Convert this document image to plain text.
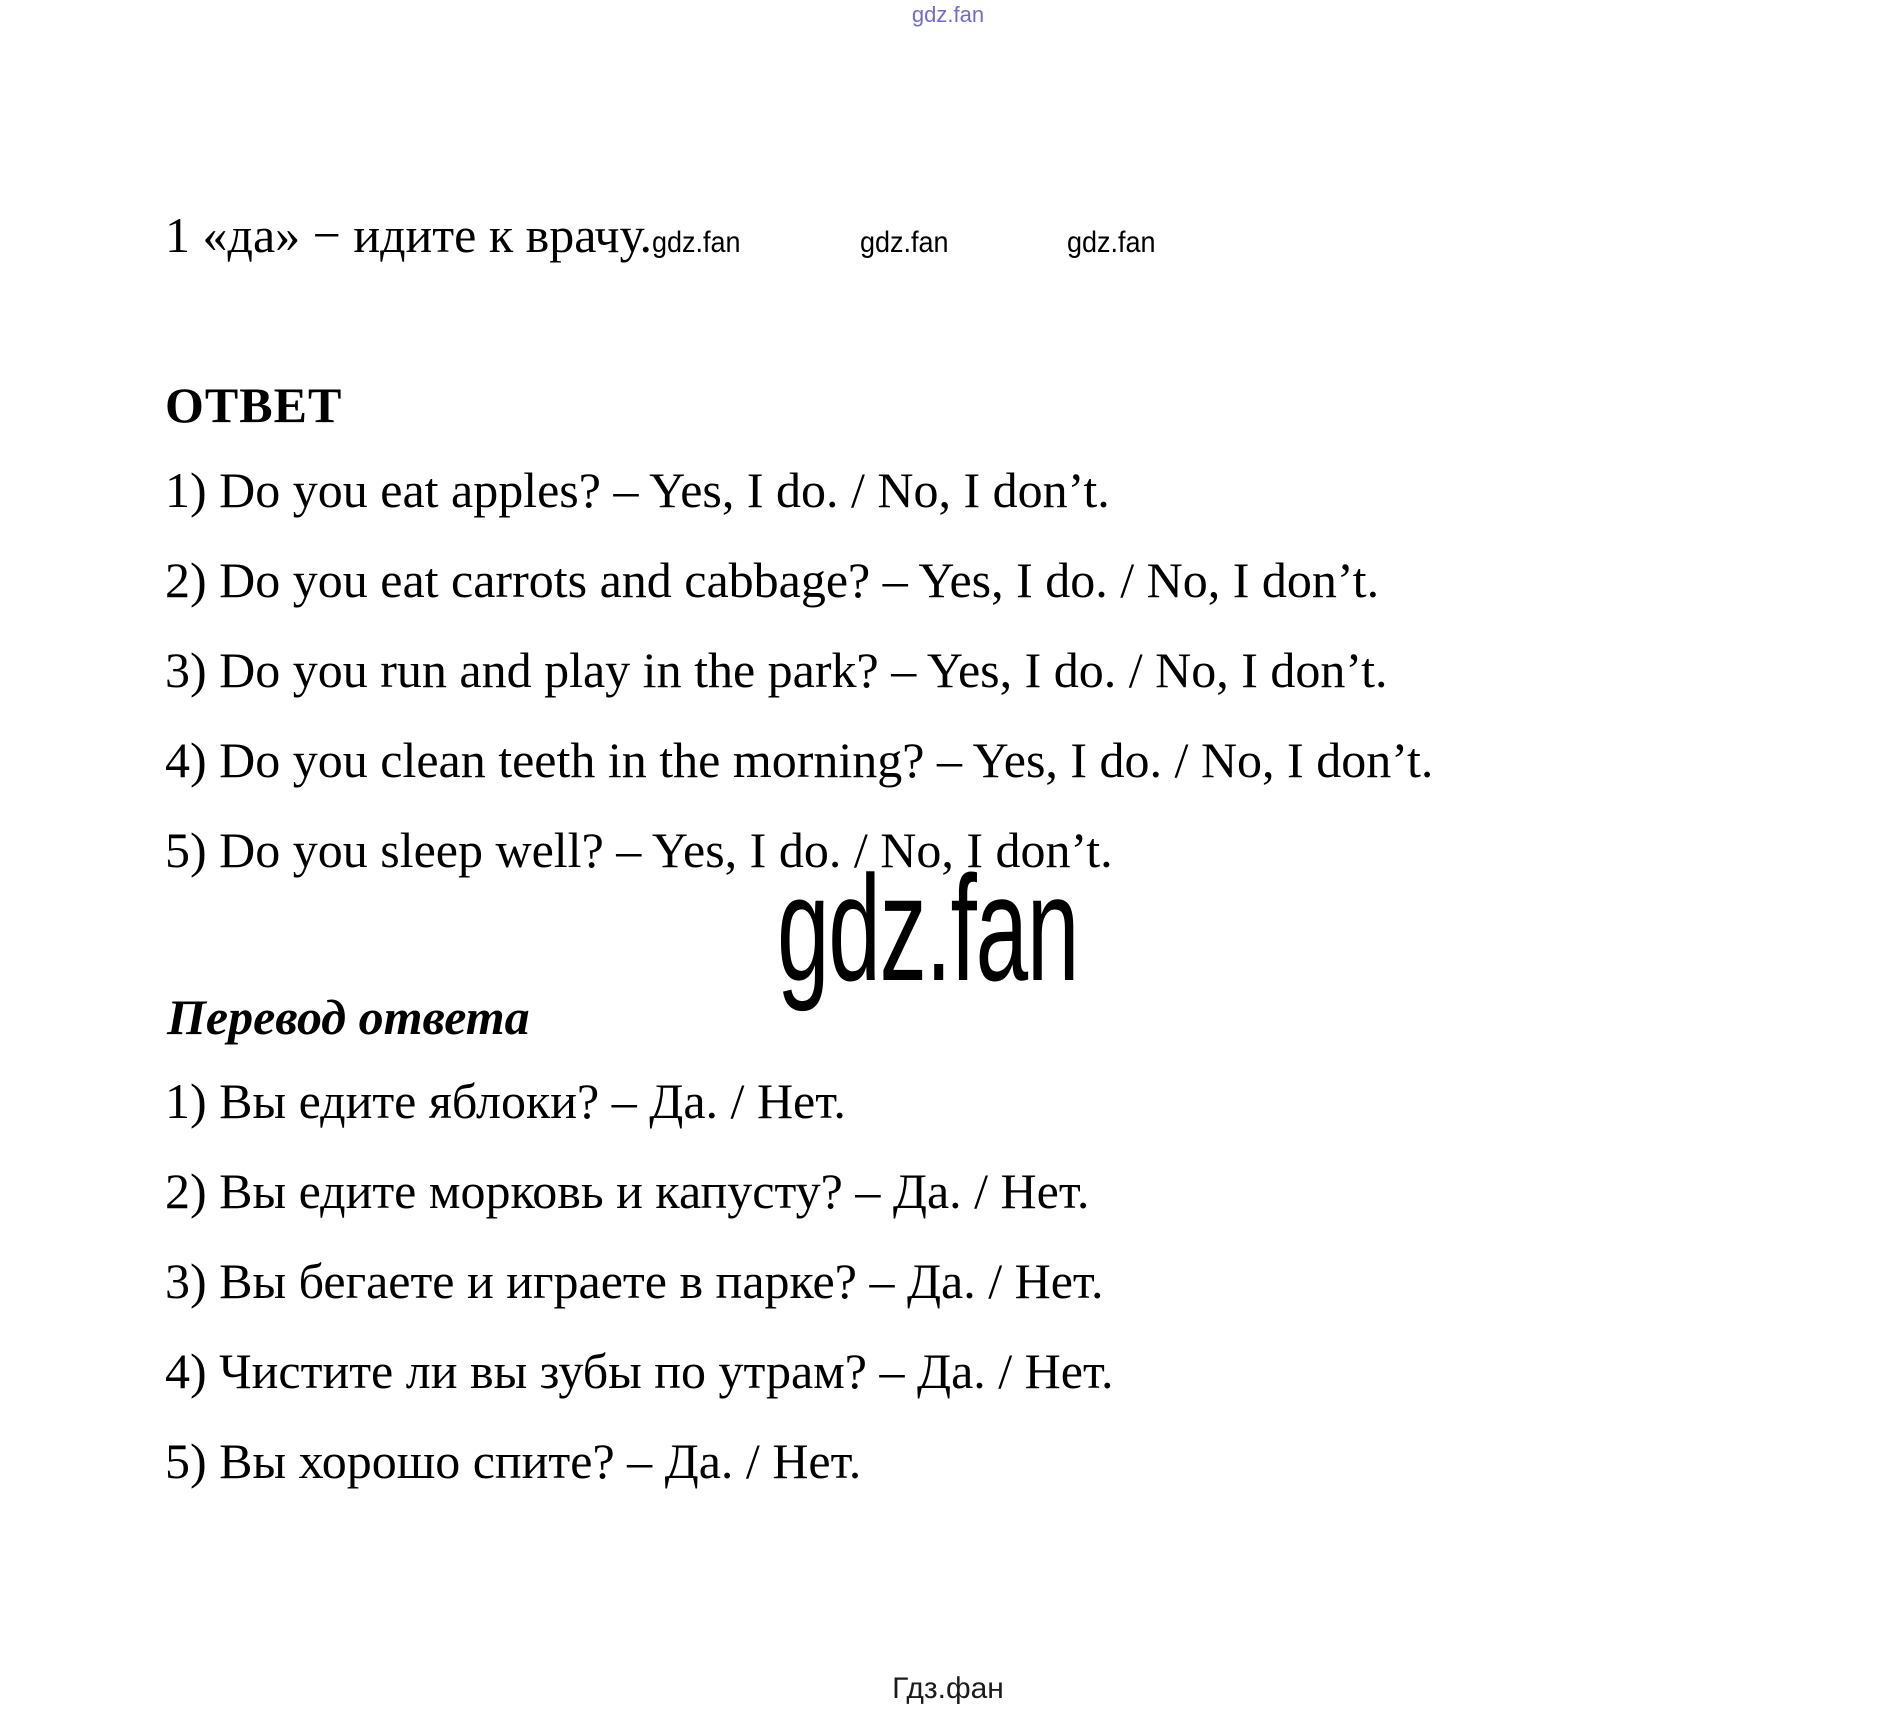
gdz.fan
1 «да» − идите к врачу. gdz.fan	gdz.fan	gdz.fan
ОТВЕТ
1) Do you eat apples? – Yes, I do. / No, I don’t.
2) Do you eat carrots and cabbage? – Yes, I do. / No, I don’t.
3) Do you run and play in the park? – Yes, I do. / No, I don’t.
4) Do you clean teeth in the morning? – Yes, I do. / No, I don’t.
5) Do you sleep well? – Yes, I do. / No, I don’t.
gdz.fan
Перевод ответа
1) Вы едите яблоки? – Да. / Нет.
2) Вы едите морковь и капусту? – Да. / Нет.
3) Вы бегаете и играете в парке? – Да. / Нет.
4) Чистите ли вы зубы по утрам? – Да. / Нет.
5) Вы хорошо спите? – Да. / Нет.
Гдз.фан
